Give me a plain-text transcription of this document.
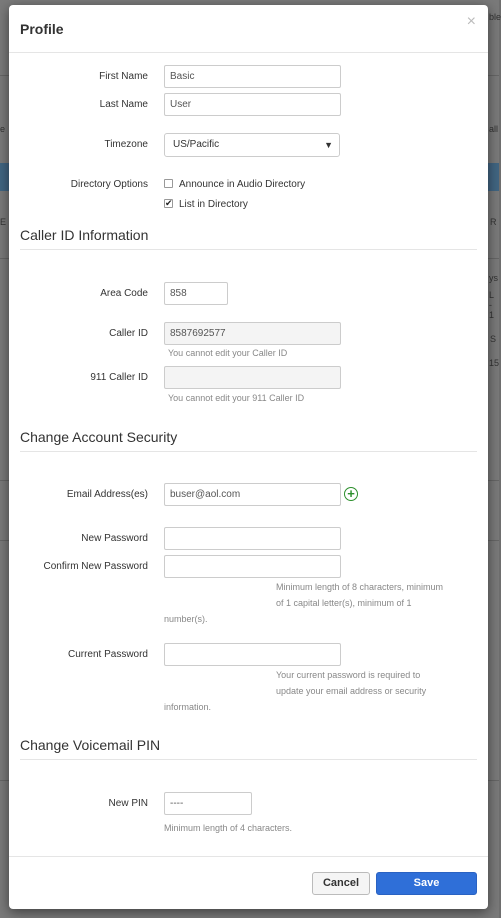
ble
e	all
E	R
ys
L - 1
S
15
Profile	×
First Name	Basic
Last Name	User
Timezone	US/Pacific	▼
Directory Options	Announce in Audio Directory
✔List in Directory
Caller ID Information
Area Code	858
Caller ID	8587692577
You cannot edit your Caller ID
911 Caller ID
You cannot edit your 911 Caller ID
Change Account Security
Email Address(es)	buser@aol.com	+
New Password
Confirm New Password
Minimum length of 8 characters, minimum
of 1 capital letter(s), minimum of 1
number(s).
Current Password
Your current password is required to
update your email address or security
information.
Change Voicemail PIN
New PIN	----
Minimum length of 4 characters.
Cancel	Save
